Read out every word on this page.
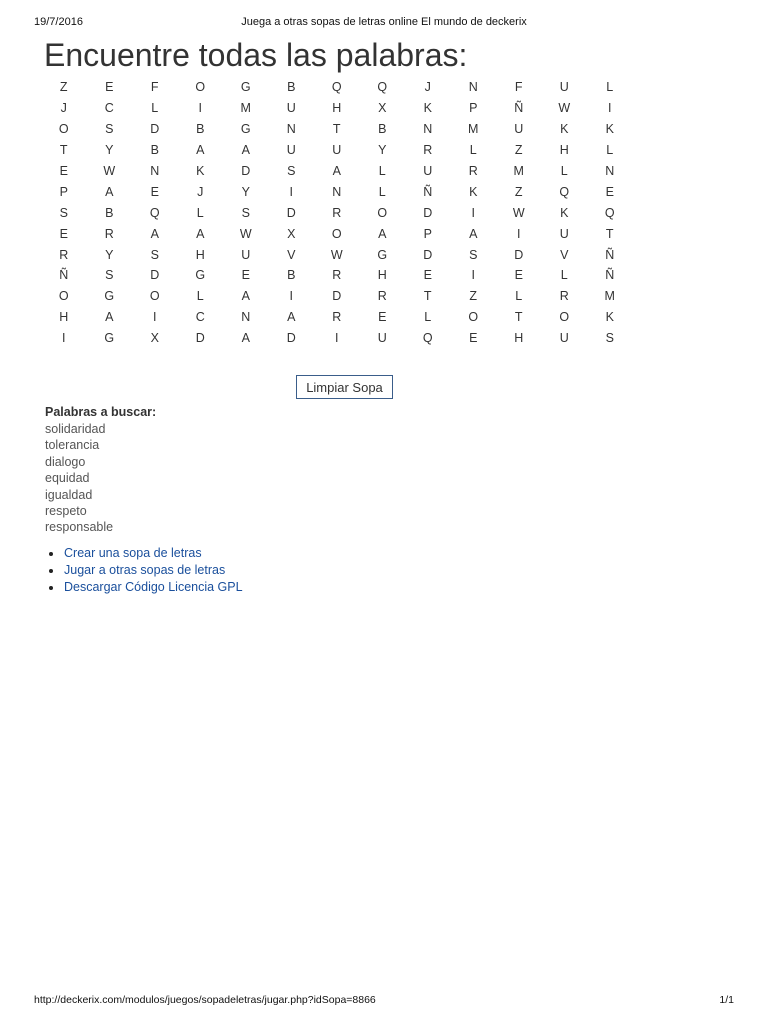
19/7/2016	Juega a otras sopas de letras online El mundo de deckerix
Encuentre todas las palabras:
Z	E	F	O	G	B	Q	Q	J	N	F	U	L
J	C	L	I	M	U	H	X	K	P	Ñ	W	I
O	S	D	B	G	N	T	B	N	M	U	K	K
T	Y	B	A	A	U	U	Y	R	L	Z	H	L
E	W	N	K	D	S	A	L	U	R	M	L	N
P	A	E	J	Y	I	N	L	Ñ	K	Z	Q	E
S	B	Q	L	S	D	R	O	D	I	W	K	Q
E	R	A	A	W	X	O	A	P	A	I	U	T
R	Y	S	H	U	V	W	G	D	S	D	V	Ñ
Ñ	S	D	G	E	B	R	H	E	I	E	L	Ñ
O	G	O	L	A	I	D	R	T	Z	L	R	M
H	A	I	C	N	A	R	E	L	O	T	O	K
I	G	X	D	A	D	I	U	Q	E	H	U	S
Limpiar Sopa
Palabras a buscar:
solidaridad
tolerancia
dialogo
equidad
igualdad
respeto
responsable
Crear una sopa de letras
Jugar a otras sopas de letras
Descargar Código Licencia GPL
http://deckerix.com/modulos/juegos/sopadeletras/jugar.php?idSopa=8866	1/1
